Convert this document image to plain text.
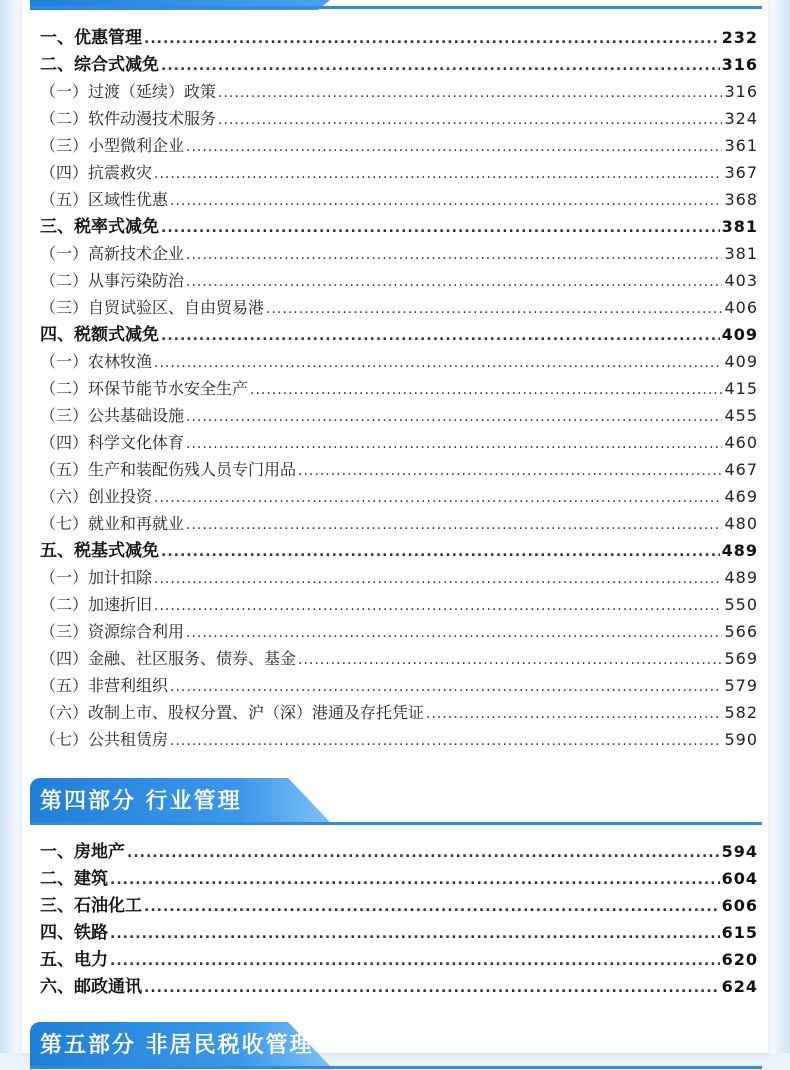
一、优惠管理 .....	232
二、综合式减免 .....	316
（一）过渡（延续）政策 .....	316
（二）软件动漫技术服务 .....	324
（三）小型微利企业 .....	361
（四）抗震救灾 .....	367
（五）区域性优惠 .....	368
三、税率式减免 .....	381
（一）高新技术企业 .....	381
（二）从事污染防治 .....	403
（三）自贸试验区、自由贸易港 .....	406
四、税额式减免 .....	409
（一）农林牧渔 .....	409
（二）环保节能节水安全生产 .....	415
（三）公共基础设施 .....	455
（四）科学文化体育 .....	460
（五）生产和装配伤残人员专门用品 .....	467
（六）创业投资 .....	469
（七）就业和再就业 .....	480
五、税基式减免 .....	489
（一）加计扣除 .....	489
（二）加速折旧 .....	550
（三）资源综合利用 .....	566
（四）金融、社区服务、债券、基金 .....	569
（五）非营利组织 .....	579
（六）改制上市、股权分置、沪（深）港通及存托凭证 .....	582
（七）公共租赁房 .....	590
第四部分 行业管理
一、房地产 .....	594
二、建筑 .....	604
三、石油化工 .....	606
四、铁路 .....	615
五、电力 .....	620
六、邮政通讯 .....	624
第五部分 非居民税收管理
